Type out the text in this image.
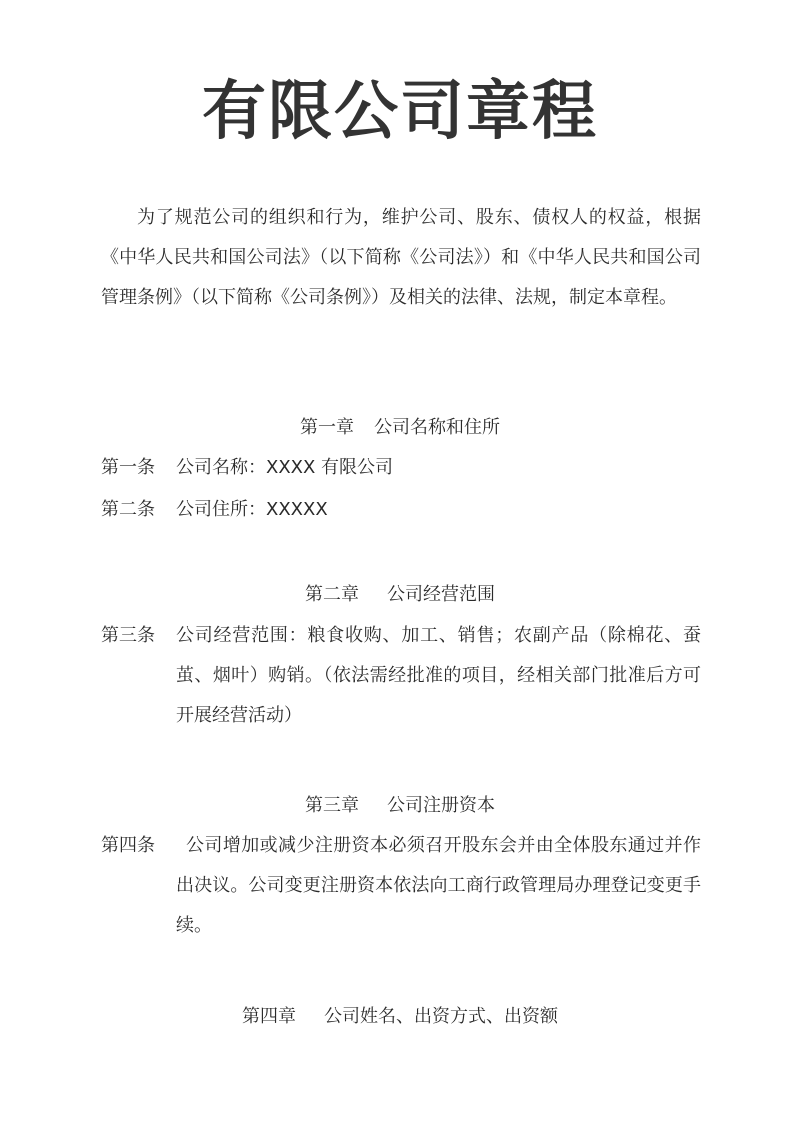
有限公司章程
为了规范公司的组织和行为，维护公司、股东、债权人的权益，根据《中华人民共和国公司法》（以下简称《公司法》）和《中华人民共和国公司管理条例》（以下简称《公司条例》）及相关的法律、法规，制定本章程。
第一章 公司名称和住所
第一条	公司名称：XXXX 有限公司
第二条	公司住所：XXXXX
第二章 公司经营范围
第三条	公司经营范围：粮食收购、加工、销售；农副产品（除棉花、蚕茧、烟叶）购销。（依法需经批准的项目，经相关部门批准后方可开展经营活动）
第三章 公司注册资本
第四条	公司增加或减少注册资本必须召开股东会并由全体股东通过并作出决议。公司变更注册资本依法向工商行政管理局办理登记变更手续。
第四章 公司姓名、出资方式、出资额
